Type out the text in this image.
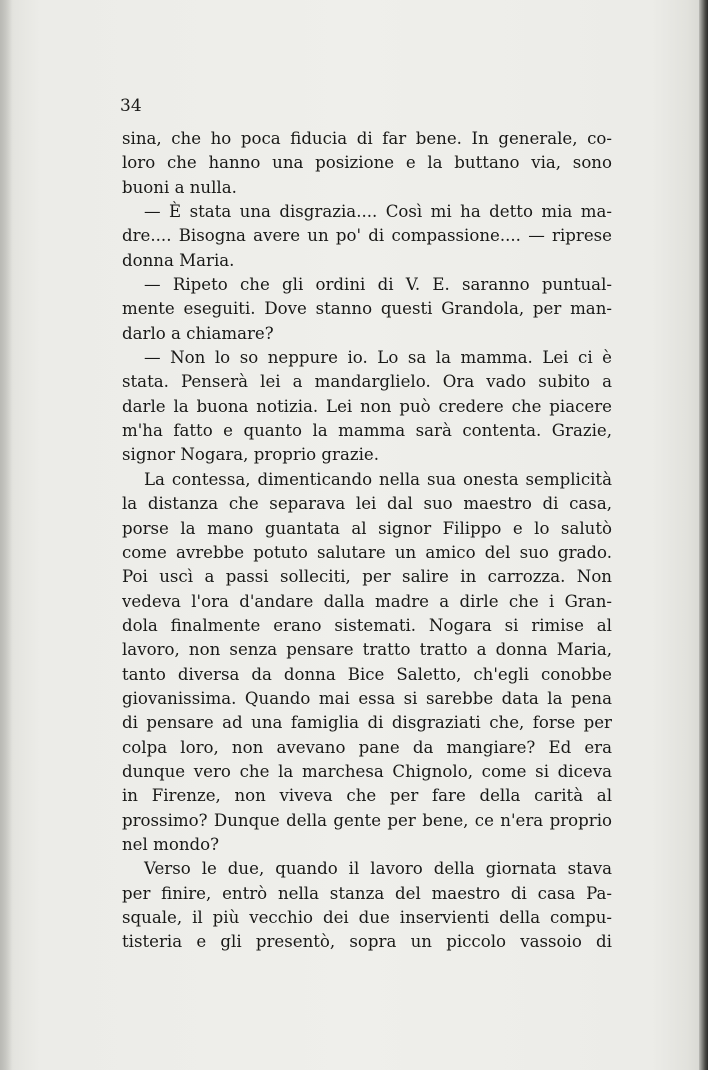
34

sina, che ho poca fiducia di far bene. In generale, co-
loro che hanno una posizione e la buttano via, sono
buoni a nulla.
— È stata una disgrazia.... Così mi ha detto mia ma-
dre.... Bisogna avere un po' di compassione.... — riprese
donna Maria.
— Ripeto che gli ordini di V. E. saranno puntual-
mente eseguiti. Dove stanno questi Grandola, per man-
darlo a chiamare?
— Non lo so neppure io. Lo sa la mamma. Lei ci è
stata. Penserà lei a mandarglielo. Ora vado subito a
darle la buona notizia. Lei non può credere che piacere
m'ha fatto e quanto la mamma sarà contenta. Grazie,
signor Nogara, proprio grazie.
La contessa, dimenticando nella sua onesta semplicità
la distanza che separava lei dal suo maestro di casa,
porse la mano guantata al signor Filippo e lo salutò
come avrebbe potuto salutare un amico del suo grado.
Poi uscì a passi solleciti, per salire in carrozza. Non
vedeva l'ora d'andare dalla madre a dirle che i Gran-
dola finalmente erano sistemati. Nogara si rimise al
lavoro, non senza pensare tratto tratto a donna Maria,
tanto diversa da donna Bice Saletto, ch'egli conobbe
giovanissima. Quando mai essa si sarebbe data la pena
di pensare ad una famiglia di disgraziati che, forse per
colpa loro, non avevano pane da mangiare? Ed era
dunque vero che la marchesa Chignolo, come si diceva
in Firenze, non viveva che per fare della carità al
prossimo? Dunque della gente per bene, ce n'era proprio
nel mondo?
Verso le due, quando il lavoro della giornata stava
per finire, entrò nella stanza del maestro di casa Pa-
squale, il più vecchio dei due inservienti della compu-
tisteria e gli presentò, sopra un piccolo vassoio di
